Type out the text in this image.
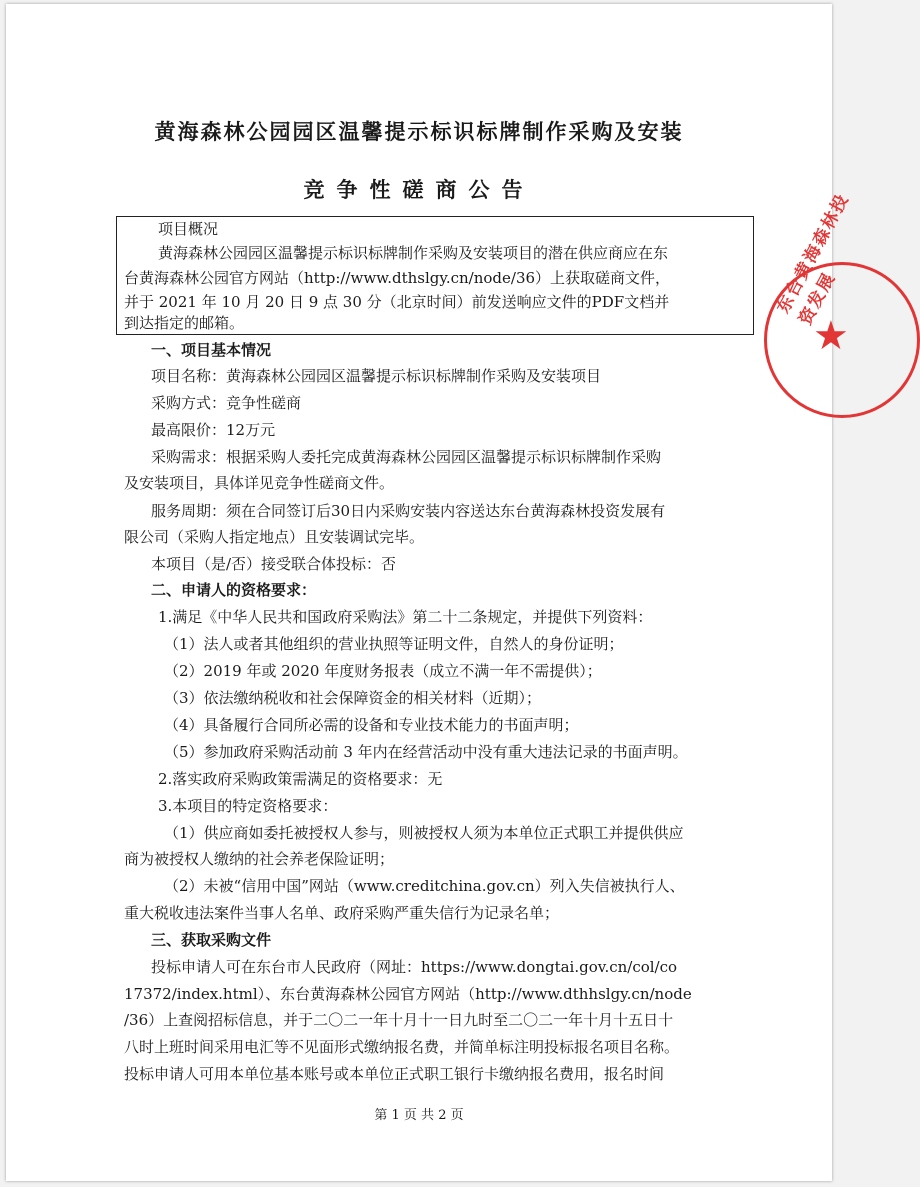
黄海森林公园园区温馨提示标识标牌制作采购及安装
竞争性磋商公告
项目概况
黄海森林公园园区温馨提示标识标牌制作采购及安装项目的潜在供应商应在东
台黄海森林公园官方网站（http://www.dthslgy.cn/node/36）上获取磋商文件，
并于 2021 年 10 月 20 日 9 点 30 分（北京时间）前发送响应文件的PDF文档并
到达指定的邮箱。
一、项目基本情况
项目名称：黄海森林公园园区温馨提示标识标牌制作采购及安装项目
采购方式：竞争性磋商
最高限价：12万元
采购需求：根据采购人委托完成黄海森林公园园区温馨提示标识标牌制作采购
及安装项目，具体详见竞争性磋商文件。
服务周期：须在合同签订后30日内采购安装内容送达东台黄海森林投资发展有
限公司（采购人指定地点）且安装调试完毕。
本项目（是/否）接受联合体投标：否
二、申请人的资格要求：
1.满足《中华人民共和国政府采购法》第二十二条规定，并提供下列资料：
（1）法人或者其他组织的营业执照等证明文件，自然人的身份证明；
（2）2019 年或 2020 年度财务报表（成立不满一年不需提供）；
（3）依法缴纳税收和社会保障资金的相关材料（近期）；
（4）具备履行合同所必需的设备和专业技术能力的书面声明；
（5）参加政府采购活动前 3 年内在经营活动中没有重大违法记录的书面声明。
2.落实政府采购政策需满足的资格要求：无
3.本项目的特定资格要求：
（1）供应商如委托被授权人参与，则被授权人须为本单位正式职工并提供供应
商为被授权人缴纳的社会养老保险证明；
（2）未被“信用中国”网站（www.creditchina.gov.cn）列入失信被执行人、
重大税收违法案件当事人名单、政府采购严重失信行为记录名单；
三、获取采购文件
投标申请人可在东台市人民政府（网址：https://www.dongtai.gov.cn/col/co
17372/index.html）、东台黄海森林公园官方网站（http://www.dthhslgy.cn/node
/36）上查阅招标信息，并于二〇二一年十月十一日九时至二〇二一年十月十五日十
八时上班时间采用电汇等不见面形式缴纳报名费，并简单标注明投标报名项目名称。
投标申请人可用本单位基本账号或本单位正式职工银行卡缴纳报名费用，报名时间
东台黄海森林投资发展
★
第 1 页 共 2 页
